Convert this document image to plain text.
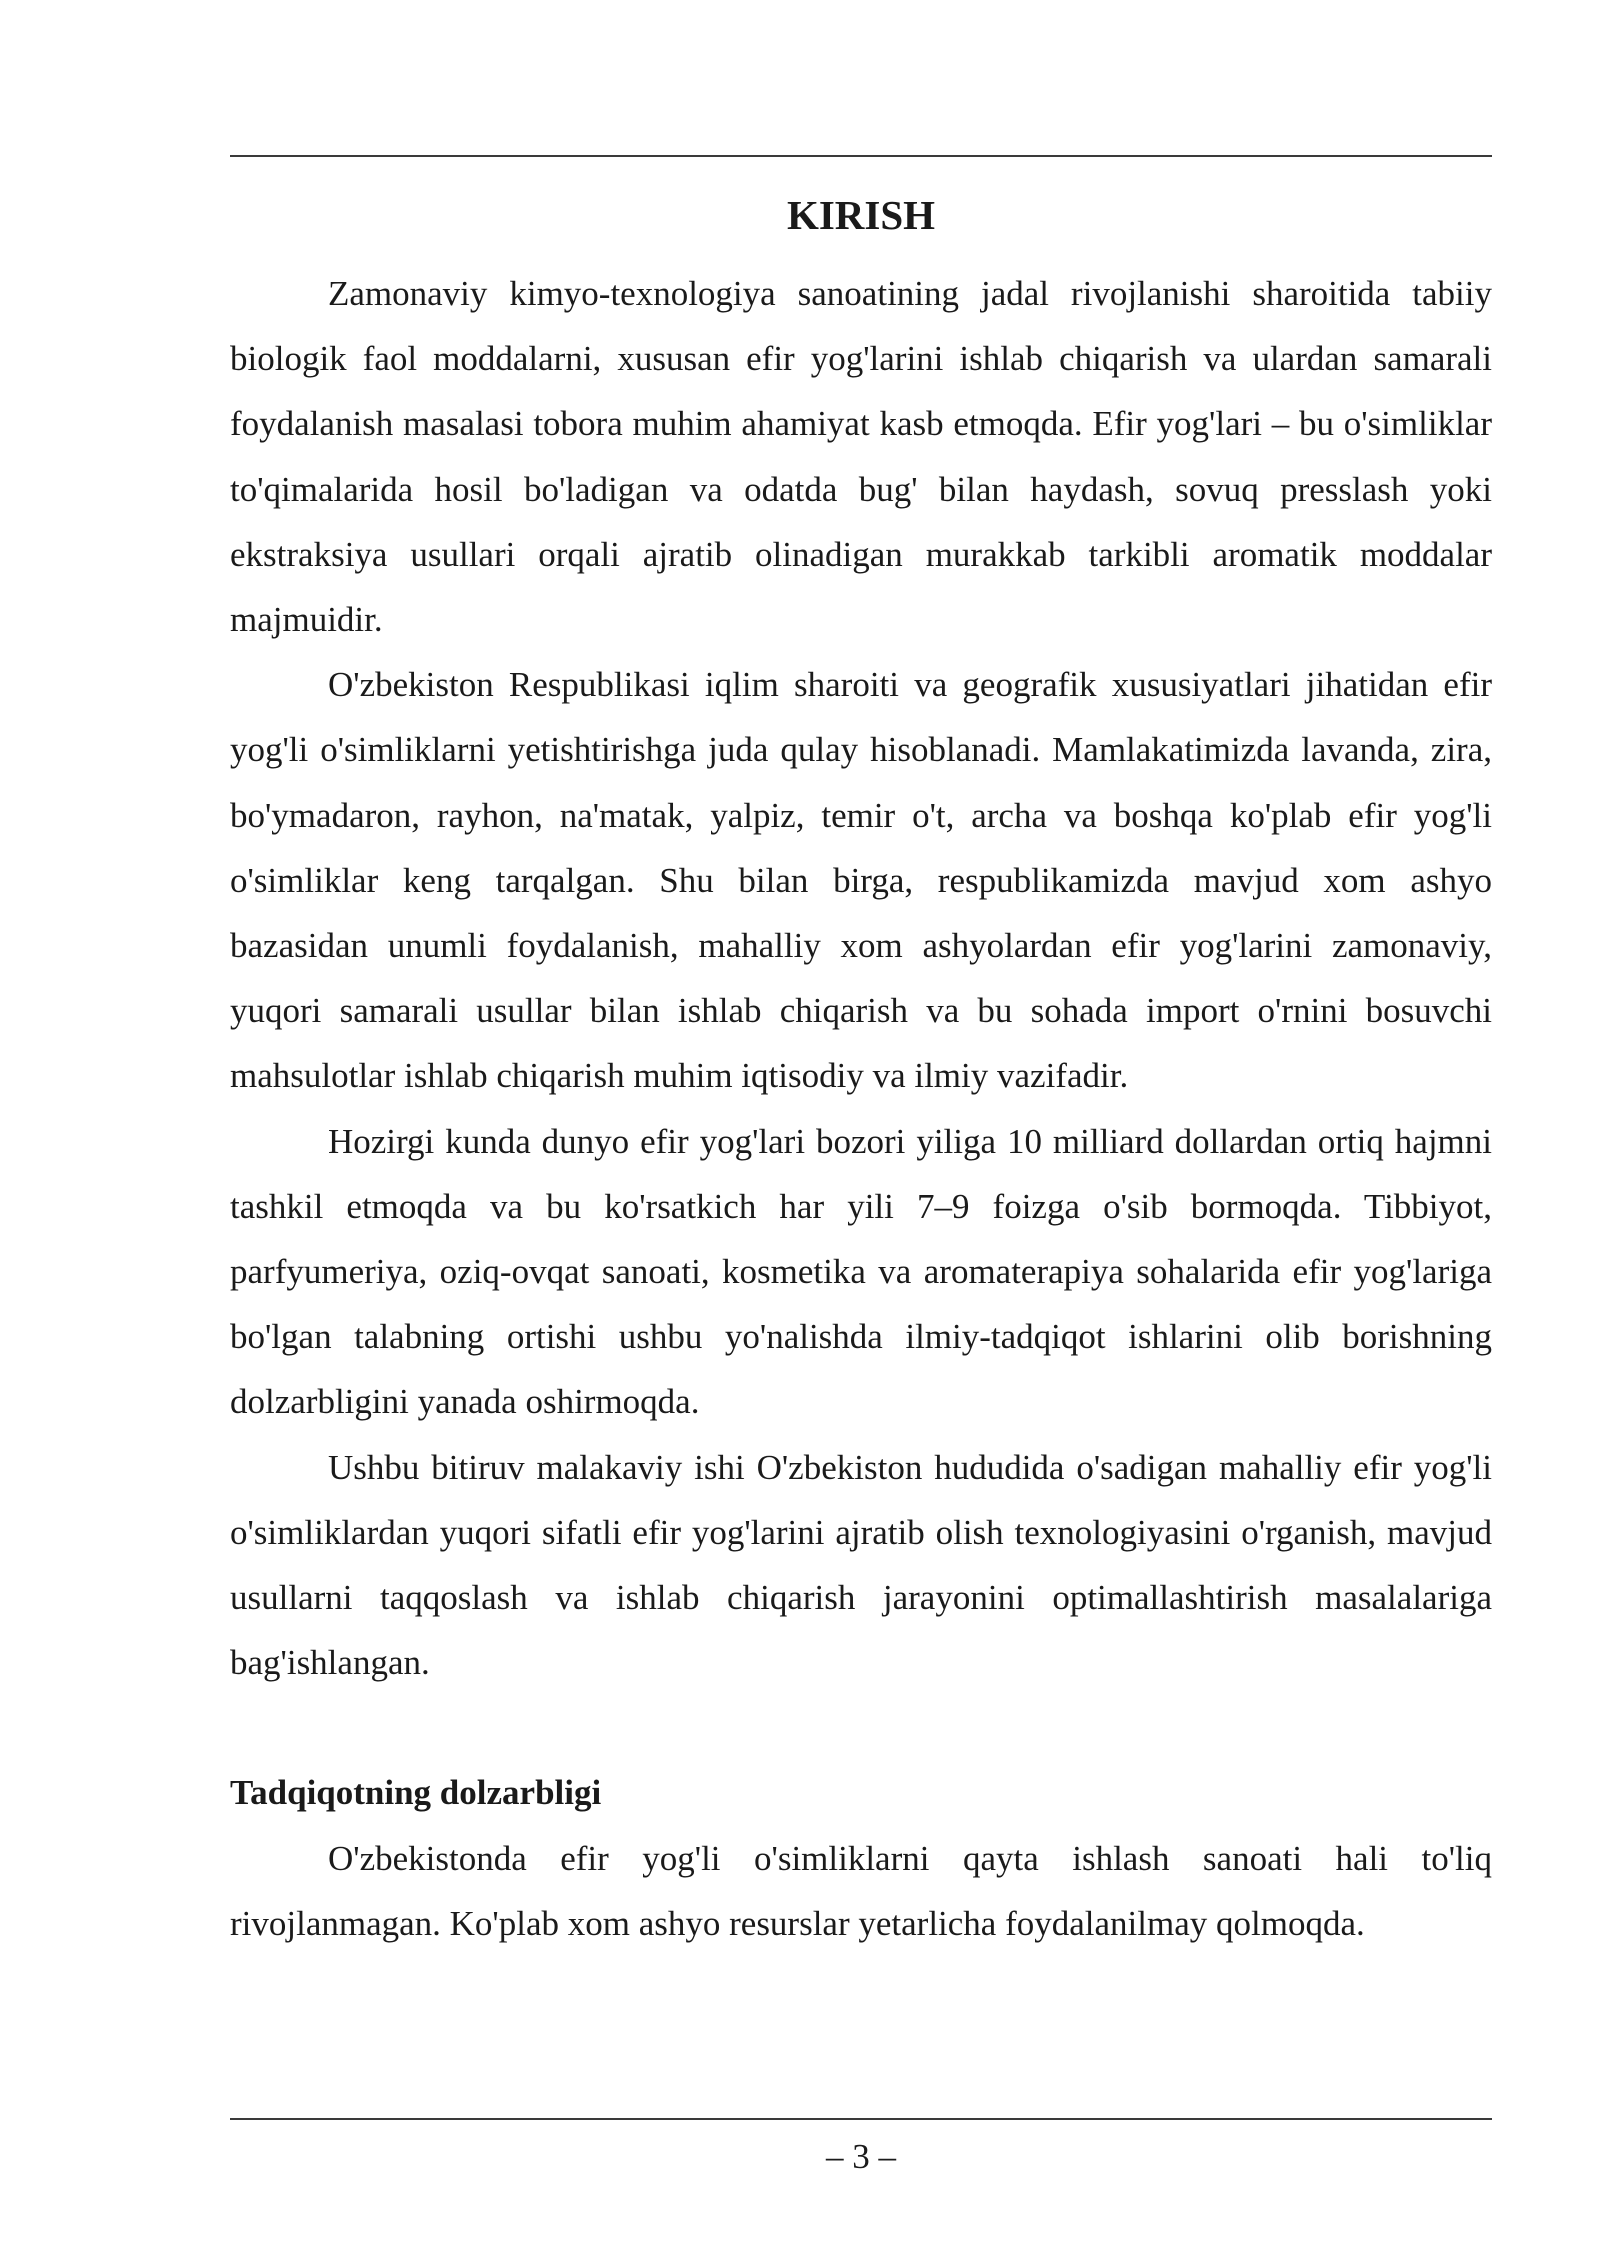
KIRISH

Zamonaviy kimyo-texnologiya sanoatining jadal rivojlanishi sharoitida tabiiy biologik faol moddalarni, xususan efir yog'larini ishlab chiqarish va ulardan samarali foydalanish masalasi tobora muhim ahamiyat kasb etmoqda. Efir yog'lari – bu o'simliklar to'qimalarida hosil bo'ladigan va odatda bug' bilan haydash, sovuq presslash yoki ekstraksiya usullari orqali ajratib olinadigan murakkab tarkibli aromatik moddalar majmuidir.

O'zbekiston Respublikasi iqlim sharoiti va geografik xususiyatlari jihatidan efir yog'li o'simliklarni yetishtirishga juda qulay hisoblanadi. Mamlakatimizda lavanda, zira, bo'ymadaron, rayhon, na'matak, yalpiz, temir o't, archa va boshqa ko'plab efir yog'li o'simliklar keng tarqalgan. Shu bilan birga, respublikamizda mavjud xom ashyo bazasidan unumli foydalanish, mahalliy xom ashyolardan efir yog'larini zamonaviy, yuqori samarali usullar bilan ishlab chiqarish va bu sohada import o'rnini bosuvchi mahsulotlar ishlab chiqarish muhim iqtisodiy va ilmiy vazifadir.

Hozirgi kunda dunyo efir yog'lari bozori yiliga 10 milliard dollardan ortiq hajmni tashkil etmoqda va bu ko'rsatkich har yili 7–9 foizga o'sib bormoqda. Tibbiyot, parfyumeriya, oziq-ovqat sanoati, kosmetika va aromaterapiya sohalarida efir yog'lariga bo'lgan talabning ortishi ushbu yo'nalishda ilmiy-tadqiqot ishlarini olib borishning dolzarbligini yanada oshirmoqda.

Ushbu bitiruv malakaviy ishi O'zbekiston hududida o'sadigan mahalliy efir yog'li o'simliklardan yuqori sifatli efir yog'larini ajratib olish texnologiyasini o'rganish, mavjud usullarni taqqoslash va ishlab chiqarish jarayonini optimallashtirish masalalariga bag'ishlangan.

Tadqiqotning dolzarbligi

O'zbekistonda efir yog'li o'simliklarni qayta ishlash sanoati hali to'liq rivojlanmagan. Ko'plab xom ashyo resurslar yetarlicha foydalanilmay qolmoqda.

– 3 –
